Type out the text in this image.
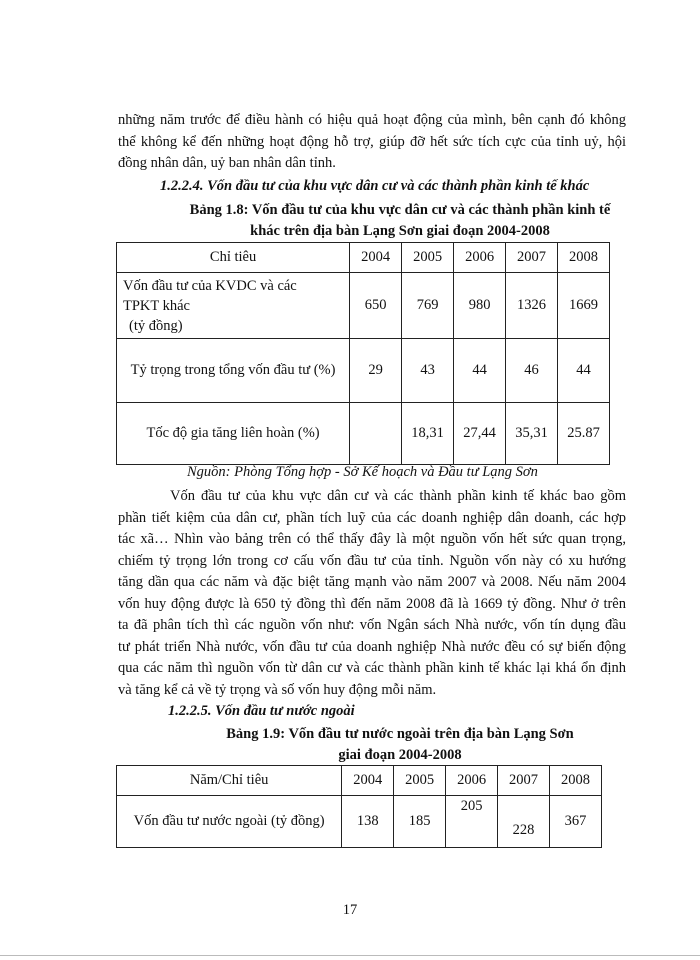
những năm trước để điều hành có hiệu quả hoạt động của mình, bên cạnh đó không
thể không kể đến những hoạt động hỗ trợ, giúp đỡ hết sức tích cực của tỉnh uỷ, hội
đồng nhân dân, uỷ ban nhân dân tỉnh.
1.2.2.4. Vốn đầu tư của khu vực dân cư và các thành phần kinh tế khác
Bảng 1.8: Vốn đầu tư của khu vực dân cư và các thành phần kinh tế
khác trên địa bàn Lạng Sơn giai đoạn 2004-2008
Chỉ tiêu	2004	2005	2006	2007	2008

Vốn đầu tư của KVDC và các
TPKT khác
(tỷ đồng)	650	769	980	1326	1669
Tỷ trọng trong tổng vốn đầu tư (%)	29	43	44	46	44
Tốc độ gia tăng liên hoàn (%)		18,31	27,44	35,31	25.87
Nguồn: Phòng Tổng hợp - Sở Kế hoạch và Đầu tư Lạng Sơn
Vốn đầu tư của khu vực dân cư và các thành phần kinh tế khác bao gồm
phần tiết kiệm của dân cư, phần tích luỹ của các doanh nghiệp dân doanh, các hợp
tác xã… Nhìn vào bảng trên có thể thấy đây là một nguồn vốn hết sức quan trọng,
chiếm tỷ trọng lớn trong cơ cấu vốn đầu tư của tỉnh. Nguồn vốn này có xu hướng
tăng dần qua các năm và đặc biệt tăng mạnh vào năm 2007 và 2008. Nếu năm 2004
vốn huy động được là 650 tỷ đồng thì đến năm 2008 đã là 1669 tỷ đồng. Như ở trên
ta đã phân tích thì các nguồn vốn như: vốn Ngân sách Nhà nước, vốn tín dụng đầu
tư phát triển Nhà nước, vốn đầu tư của doanh nghiệp Nhà nước đều có sự biến động
qua các năm thì nguồn vốn từ dân cư và các thành phần kinh tế khác lại khá ổn định
và tăng kể cả về tỷ trọng và số vốn huy động mỗi năm.
1.2.2.5. Vốn đầu tư nước ngoài
Bảng 1.9: Vốn đầu tư nước ngoài trên địa bàn Lạng Sơn
giai đoạn 2004-2008
Năm/Chỉ tiêu	2004	2005	2006	2007	2008
Vốn đầu tư nước ngoài (tỷ đồng)	138	185	205	228	367
17
